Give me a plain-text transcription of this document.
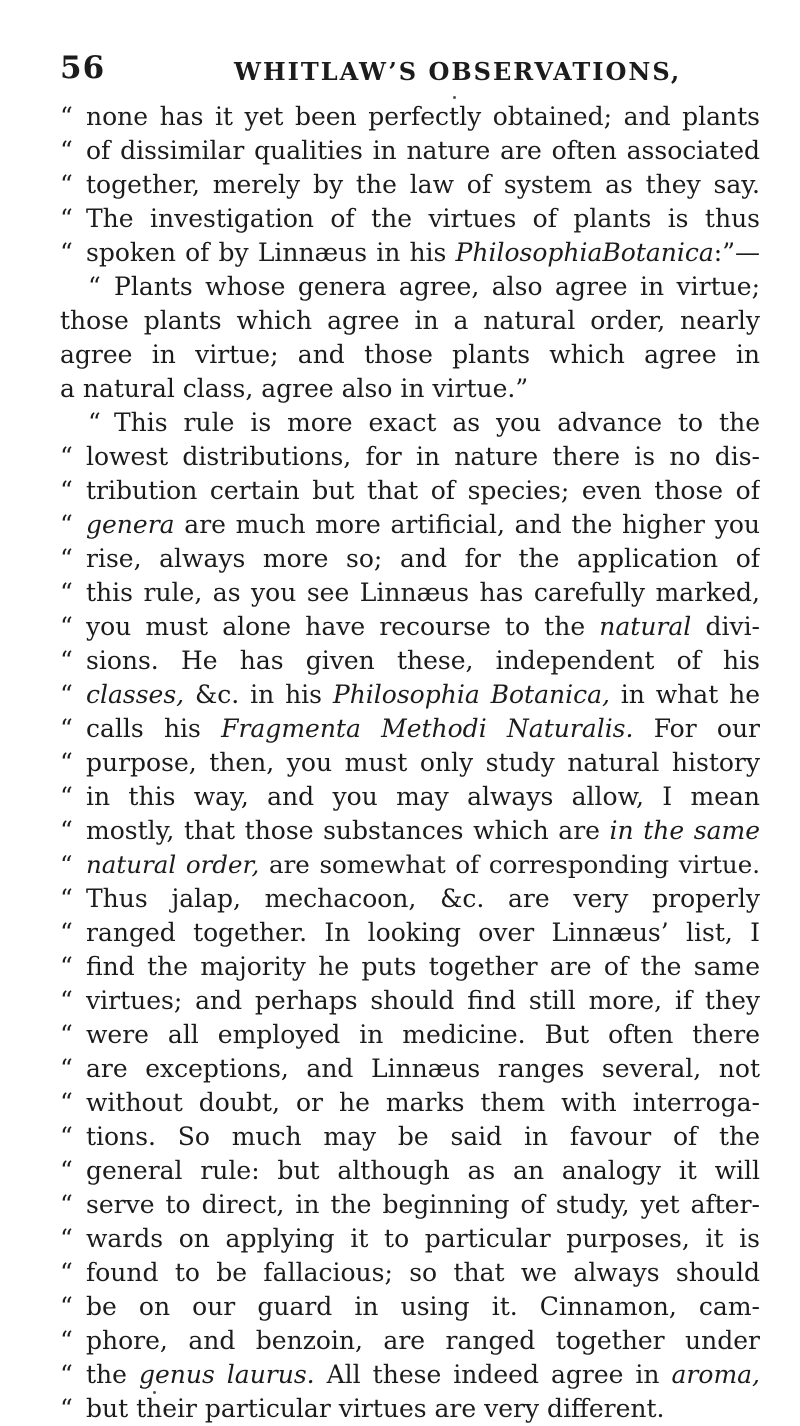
56	WHITLAW’S OBSERVATIONS,
“ none has it yet been perfectly obtained; and plants
“ of dissimilar qualities in nature are often associated
“ together, merely by the law of system as they say.
“ The investigation of the virtues of plants is thus
“ spoken of by Linnæus in his PhilosophiaBotanica:”—
“ Plants whose genera agree, also agree in virtue;
those plants which agree in a natural order, nearly
agree in virtue; and those plants which agree in
a natural class, agree also in virtue.”
“ This rule is more exact as you advance to the
“ lowest distributions, for in nature there is no dis-
“ tribution certain but that of species; even those of
“ genera are much more artificial, and the higher you
“ rise, always more so; and for the application of
“ this rule, as you see Linnæus has carefully marked,
“ you must alone have recourse to the natural divi-
“ sions. He has given these, independent of his
“ classes, &c. in his Philosophia Botanica, in what he
“ calls his Fragmenta Methodi Naturalis. For our
“ purpose, then, you must only study natural history
“ in this way, and you may always allow, I mean
“ mostly, that those substances which are in the same
“ natural order, are somewhat of corresponding virtue.
“ Thus jalap, mechacoon, &c. are very properly
“ ranged together. In looking over Linnæus’ list, I
“ find the majority he puts together are of the same
“ virtues; and perhaps should find still more, if they
“ were all employed in medicine. But often there
“ are exceptions, and Linnæus ranges several, not
“ without doubt, or he marks them with interroga-
“ tions. So much may be said in favour of the
“ general rule: but although as an analogy it will
“ serve to direct, in the beginning of study, yet after-
“ wards on applying it to particular purposes, it is
“ found to be fallacious; so that we always should
“ be on our guard in using it. Cinnamon, cam-
“ phore, and benzoin, are ranged together under
“ the genus laurus. All these indeed agree in aroma,
“ but their particular virtues are very different.
